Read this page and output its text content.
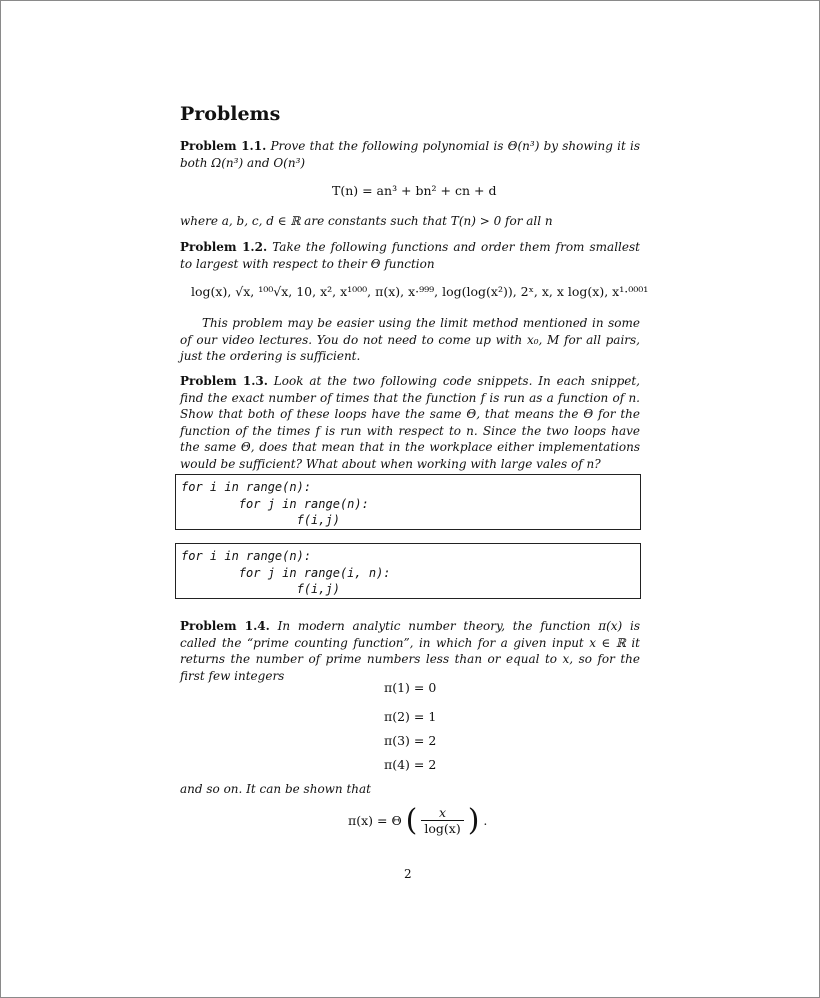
Problems

Problem 1.1. Prove that the following polynomial is Θ(n³) by showing it is both Ω(n³) and O(n³)

T(n) = an³ + bn² + cn + d

where a, b, c, d ∈ ℝ are constants such that T(n) > 0 for all n

Problem 1.2. Take the following functions and order them from smallest to largest with respect to their Θ function

log(x), √x, ¹⁰⁰√x, 10, x², x¹⁰⁰⁰, π(x), x·⁹⁹⁹, log(log(x²)), 2ˣ, x, x log(x), x¹·⁰⁰⁰¹

This problem may be easier using the limit method mentioned in some of our video lectures. You do not need to come up with x₀, M for all pairs, just the ordering is sufficient.

Problem 1.3. Look at the two following code snippets. In each snippet, find the exact number of times that the function f is run as a function of n. Show that both of these loops have the same Θ, that means the Θ for the function of the times f is run with respect to n. Since the two loops have the same Θ, does that mean that in the workplace either implementations would be sufficient? What about when working with large vales of n?

for i in range(n):
for j in range(n):
f(i,j)
for i in range(n):
for j in range(i, n):
f(i,j)

Problem 1.4. In modern analytic number theory, the function π(x) is called the “prime counting function”, in which for a given input x ∈ ℝ it returns the number of prime numbers less than or equal to x, so for the first few integers

π(1) = 0
π(2) = 1
π(3) = 2
π(4) = 2

and so on. It can be shown that

π(x) = Θ ( $\frac{x}{\log(x)}$ ) .
2
